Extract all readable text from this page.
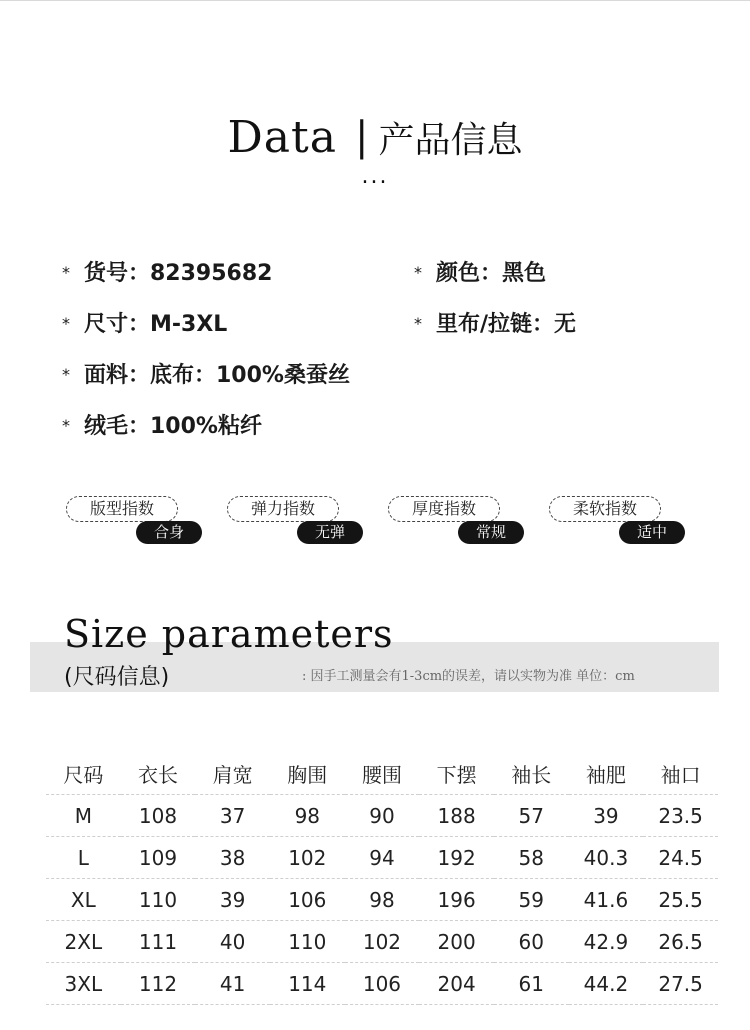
Data | 产品信息
...
* 货号：82395682	* 颜色：黑色
* 尺寸：M-3XL	* 里布/拉链：无
* 面料：底布：100%桑蚕丝
* 绒毛：100%粘纤
版型指数
合身
弹力指数
无弹
厚度指数
常规
柔软指数
适中
Size parameters
(尺码信息)	: 因手工测量会有1-3cm的误差，请以实物为准 单位：cm
尺码	衣长	肩宽	胸围	腰围	下摆	袖长	袖肥	袖口
M	108	37	98	90	188	57	39	23.5
L	109	38	102	94	192	58	40.3	24.5
XL	110	39	106	98	196	59	41.6	25.5
2XL	111	40	110	102	200	60	42.9	26.5
3XL	112	41	114	106	204	61	44.2	27.5
